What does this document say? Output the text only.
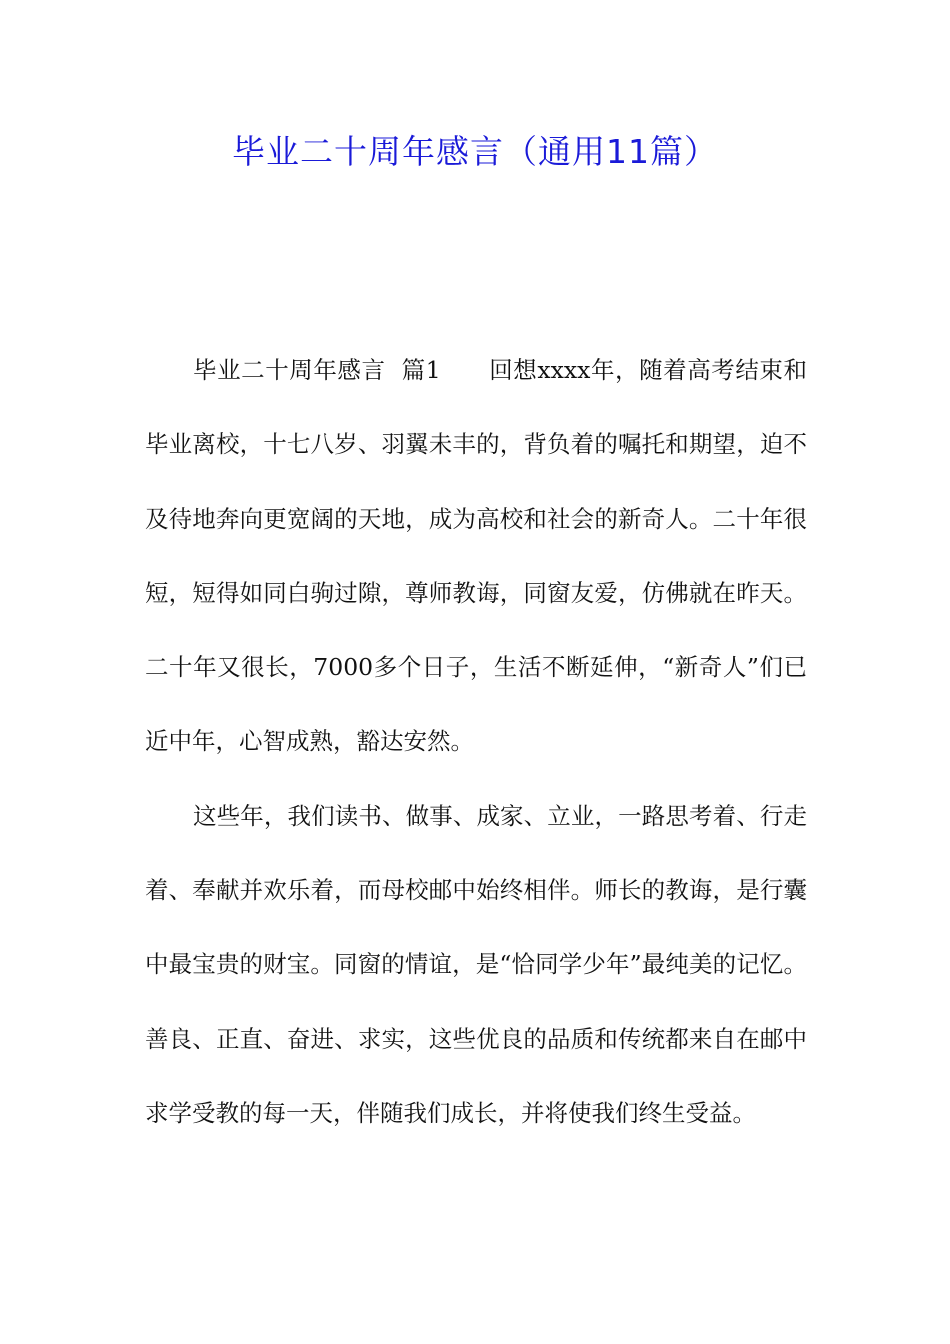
毕业二十周年感言（通用11篇）

毕业二十周年感言  篇1 回想xxxx年，随着高考结束和毕业离校，十七八岁、羽翼未丰的，背负着的嘱托和期望，迫不及待地奔向更宽阔的天地，成为高校和社会的新奇人。二十年很短，短得如同白驹过隙，尊师教诲，同窗友爱，仿佛就在昨天。二十年又很长，7000多个日子，生活不断延伸，“新奇人”们已近中年，心智成熟，豁达安然。

这些年，我们读书、做事、成家、立业，一路思考着、行走着、奉献并欢乐着，而母校邮中始终相伴。师长的教诲，是行囊中最宝贵的财宝。同窗的情谊，是“恰同学少年”最纯美的记忆。善良、正直、奋进、求实，这些优良的品质和传统都来自在邮中求学受教的每一天，伴随我们成长，并将使我们终生受益。
